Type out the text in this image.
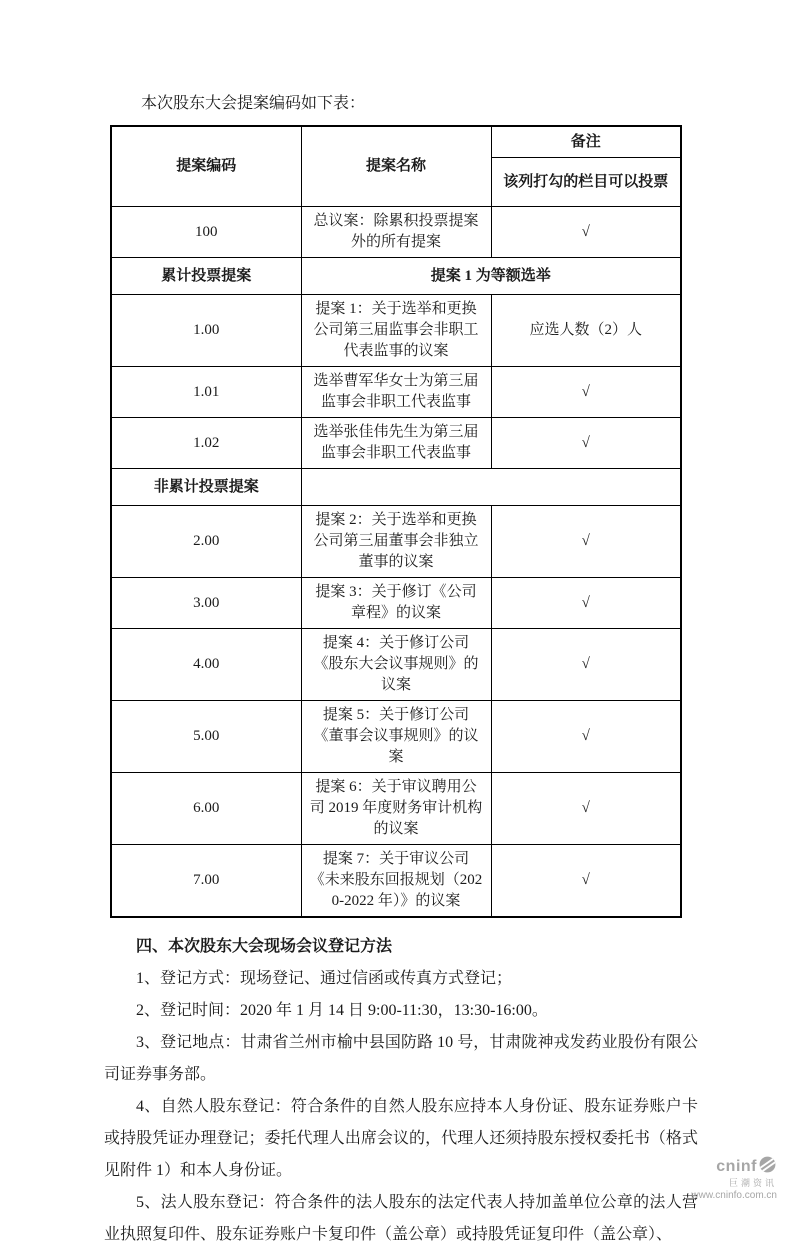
本次股东大会提案编码如下表：

提案编码	提案名称	备注
		该列打勾的栏目可以投票
100	总议案：除累积投票提案外的所有提案	√
累计投票提案	提案 1 为等额选举	
1.00	提案 1：关于选举和更换公司第三届监事会非职工代表监事的议案	应选人数（2）人
1.01	选举曹军华女士为第三届监事会非职工代表监事	√
1.02	选举张佳伟先生为第三届监事会非职工代表监事	√
非累计投票提案		
2.00	提案 2：关于选举和更换公司第三届董事会非独立董事的议案	√
3.00	提案 3：关于修订《公司章程》的议案	√
4.00	提案 4：关于修订公司《股东大会议事规则》的议案	√
5.00	提案 5：关于修订公司《董事会议事规则》的议案	√
6.00	提案 6：关于审议聘用公司 2019 年度财务审计机构的议案	√
7.00	提案 7：关于审议公司《未来股东回报规划（2020-2022 年）》的议案	√
四、本次股东大会现场会议登记方法

1、登记方式：现场登记、通过信函或传真方式登记；

2、登记时间：2020 年 1 月 14 日 9:00-11:30，13:30-16:00。

3、登记地点：甘肃省兰州市榆中县国防路 10 号，甘肃陇神戎发药业股份有限公司证券事务部。

4、自然人股东登记：符合条件的自然人股东应持本人身份证、股东证券账户卡或持股凭证办理登记；委托代理人出席会议的，代理人还须持股东授权委托书（格式见附件 1）和本人身份证。

5、法人股东登记：符合条件的法人股东的法定代表人持加盖单位公章的法人营业执照复印件、股东证券账户卡复印件（盖公章）或持股凭证复印件（盖公章）、

cninf
巨潮资讯
www.cninfo.com.cn
